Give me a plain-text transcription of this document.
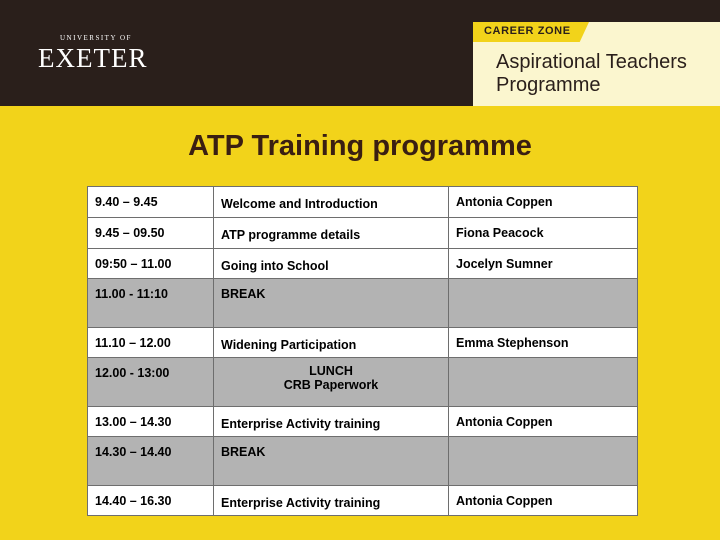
UNIVERSITY OF
EXETER
CAREER ZONE
Aspirational Teachers
Programme
ATP Training programme
9.40 – 9.45	Welcome and Introduction	Antonia Coppen
9.45 – 09.50	ATP programme details	Fiona Peacock
09:50 – 11.00	Going into School	Jocelyn Sumner
11.00 - 11:10	BREAK	
11.10 – 12.00	Widening Participation	Emma Stephenson
12.00 - 13:00	LUNCH
CRB Paperwork	

13.00 – 14.30	Enterprise Activity training	Antonia Coppen
14.30 – 14.40	BREAK	
14.40 – 16.30	Enterprise Activity training	Antonia Coppen
